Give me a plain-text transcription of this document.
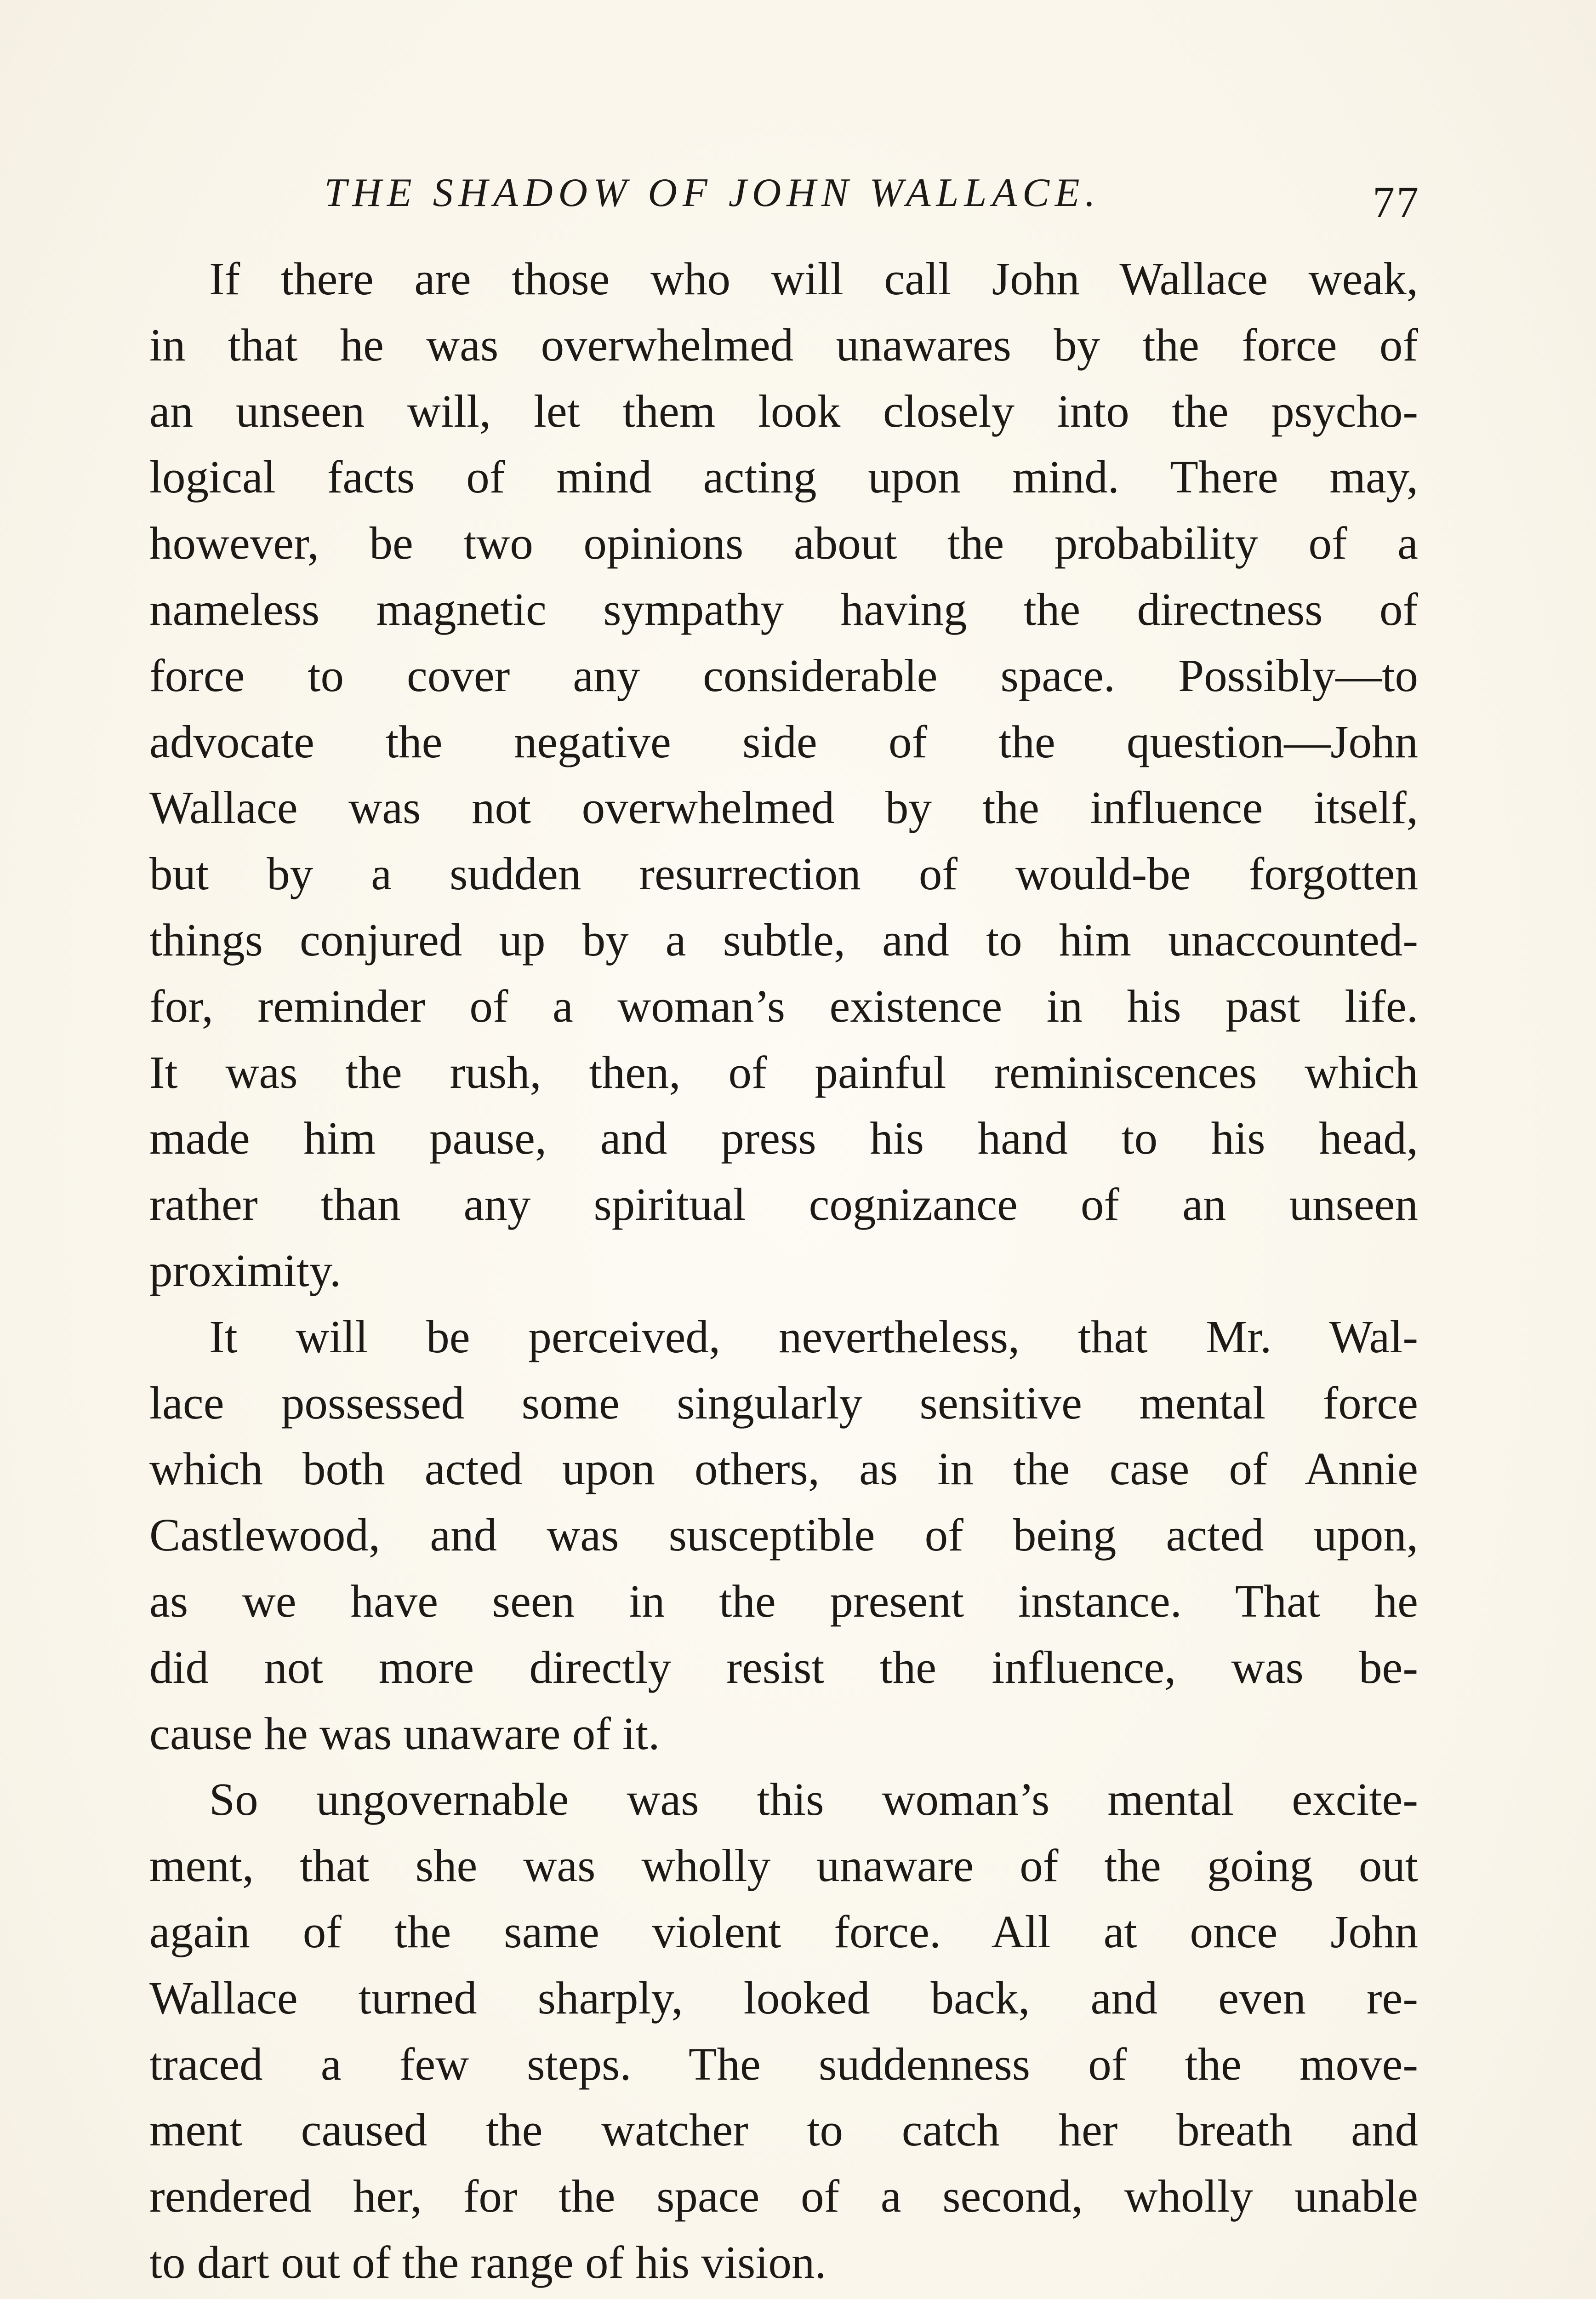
THE SHADOW OF JOHN WALLACE.	77
If there are those who will call John Wallace weak,
in that he was overwhelmed unawares by the force of
an unseen will, let them look closely into the psycho-
logical facts of mind acting upon mind. There may,
however, be two opinions about the probability of a
nameless magnetic sympathy having the directness of
force to cover any considerable space. Possibly—to
advocate the negative side of the question—John
Wallace was not overwhelmed by the influence itself,
but by a sudden resurrection of would-be forgotten
things conjured up by a subtle, and to him unaccounted-
for, reminder of a woman’s existence in his past life.
It was the rush, then, of painful reminiscences which
made him pause, and press his hand to his head,
rather than any spiritual cognizance of an unseen
proximity.
It will be perceived, nevertheless, that Mr. Wal-
lace possessed some singularly sensitive mental force
which both acted upon others, as in the case of Annie
Castlewood, and was susceptible of being acted upon,
as we have seen in the present instance. That he
did not more directly resist the influence, was be-
cause he was unaware of it.
So ungovernable was this woman’s mental excite-
ment, that she was wholly unaware of the going out
again of the same violent force. All at once John
Wallace turned sharply, looked back, and even re-
traced a few steps. The suddenness of the move-
ment caused the watcher to catch her breath and
rendered her, for the space of a second, wholly unable
to dart out of the range of his vision.
